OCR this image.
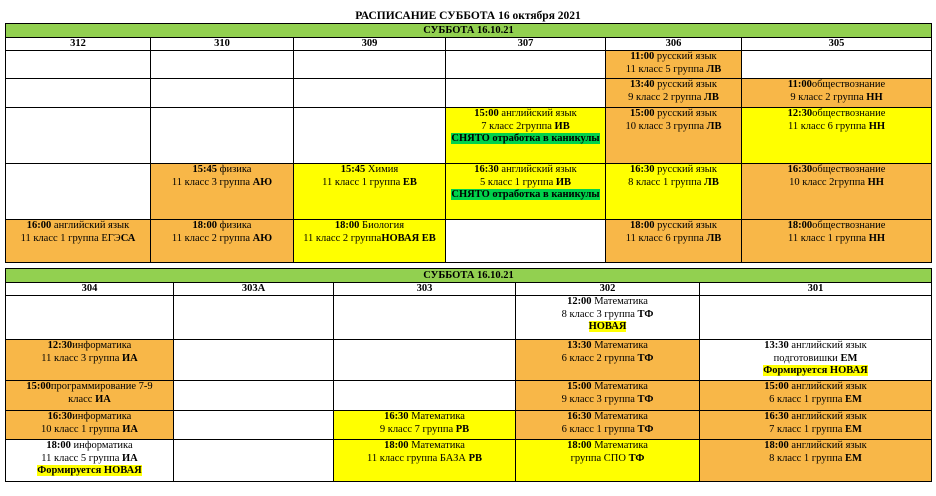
РАСПИСАНИЕ СУББОТА 16 октября 2021
СУББОТА 16.10.21					
312	310	309	307	306	305

				11:00 русский язык
11 класс 5 группа ЛВ	

				13:40 русский язык
9 класс 2 группа ЛВ	11:00обществознание
9 класс 2 группа НН

			15:00 английский язык
7 класс 2группа ИВ
СНЯТО отработка в каникулы	15:00 русский язык
10 класс 3 группа ЛВ	12:30обществознание
11 класс 6 группа НН

	15:45 физика
11 класс 3 группа АЮ	15:45 Химия
11 класс 1 группа ЕВ	16:30 английский язык
5 класс 1 группа ИВ
СНЯТО отработка в каникулы	16:30 русский язык
8 класс 1 группа ЛВ	16:30обществознание
10 класс 2группа НН

16:00 английский язык
11 класс 1 группа ЕГЭСА	18:00 физика
11 класс 2 группа АЮ	18:00 Биология
11 класс 2 группаНОВАЯ ЕВ		18:00 русский язык
11 класс 6 группа ЛВ	18:00обществознание
11 класс 1 группа НН
СУББОТА 16.10.21				
304	303А	303	302	301

			12:00 Математика
8 класс 3 группа ТФ
НОВАЯ	

12:30информатика
11 класс 3 группа ИА			13:30 Математика
6 класс 2 группа ТФ	13:30 английский язык
подготовишки ЕМ
Формируется НОВАЯ

15:00программирование 7-9
класс ИА			15:00 Математика
9 класс 3 группа ТФ	15:00 английский язык
6 класс 1 группа ЕМ

16:30информатика
10 класс 1 группа ИА		16:30 Математика
9 класс 7 группа РВ	16:30 Математика
6 класс 1 группа ТФ	16:30 английский язык
7 класс 1 группа ЕМ

18:00 информатика
11 класс 5 группа ИА
Формируется НОВАЯ		18:00 Математика
11 класс группа БАЗА РВ	18:00 Математика
группа СПО ТФ	18:00 английский язык
8 класс 1 группа ЕМ
